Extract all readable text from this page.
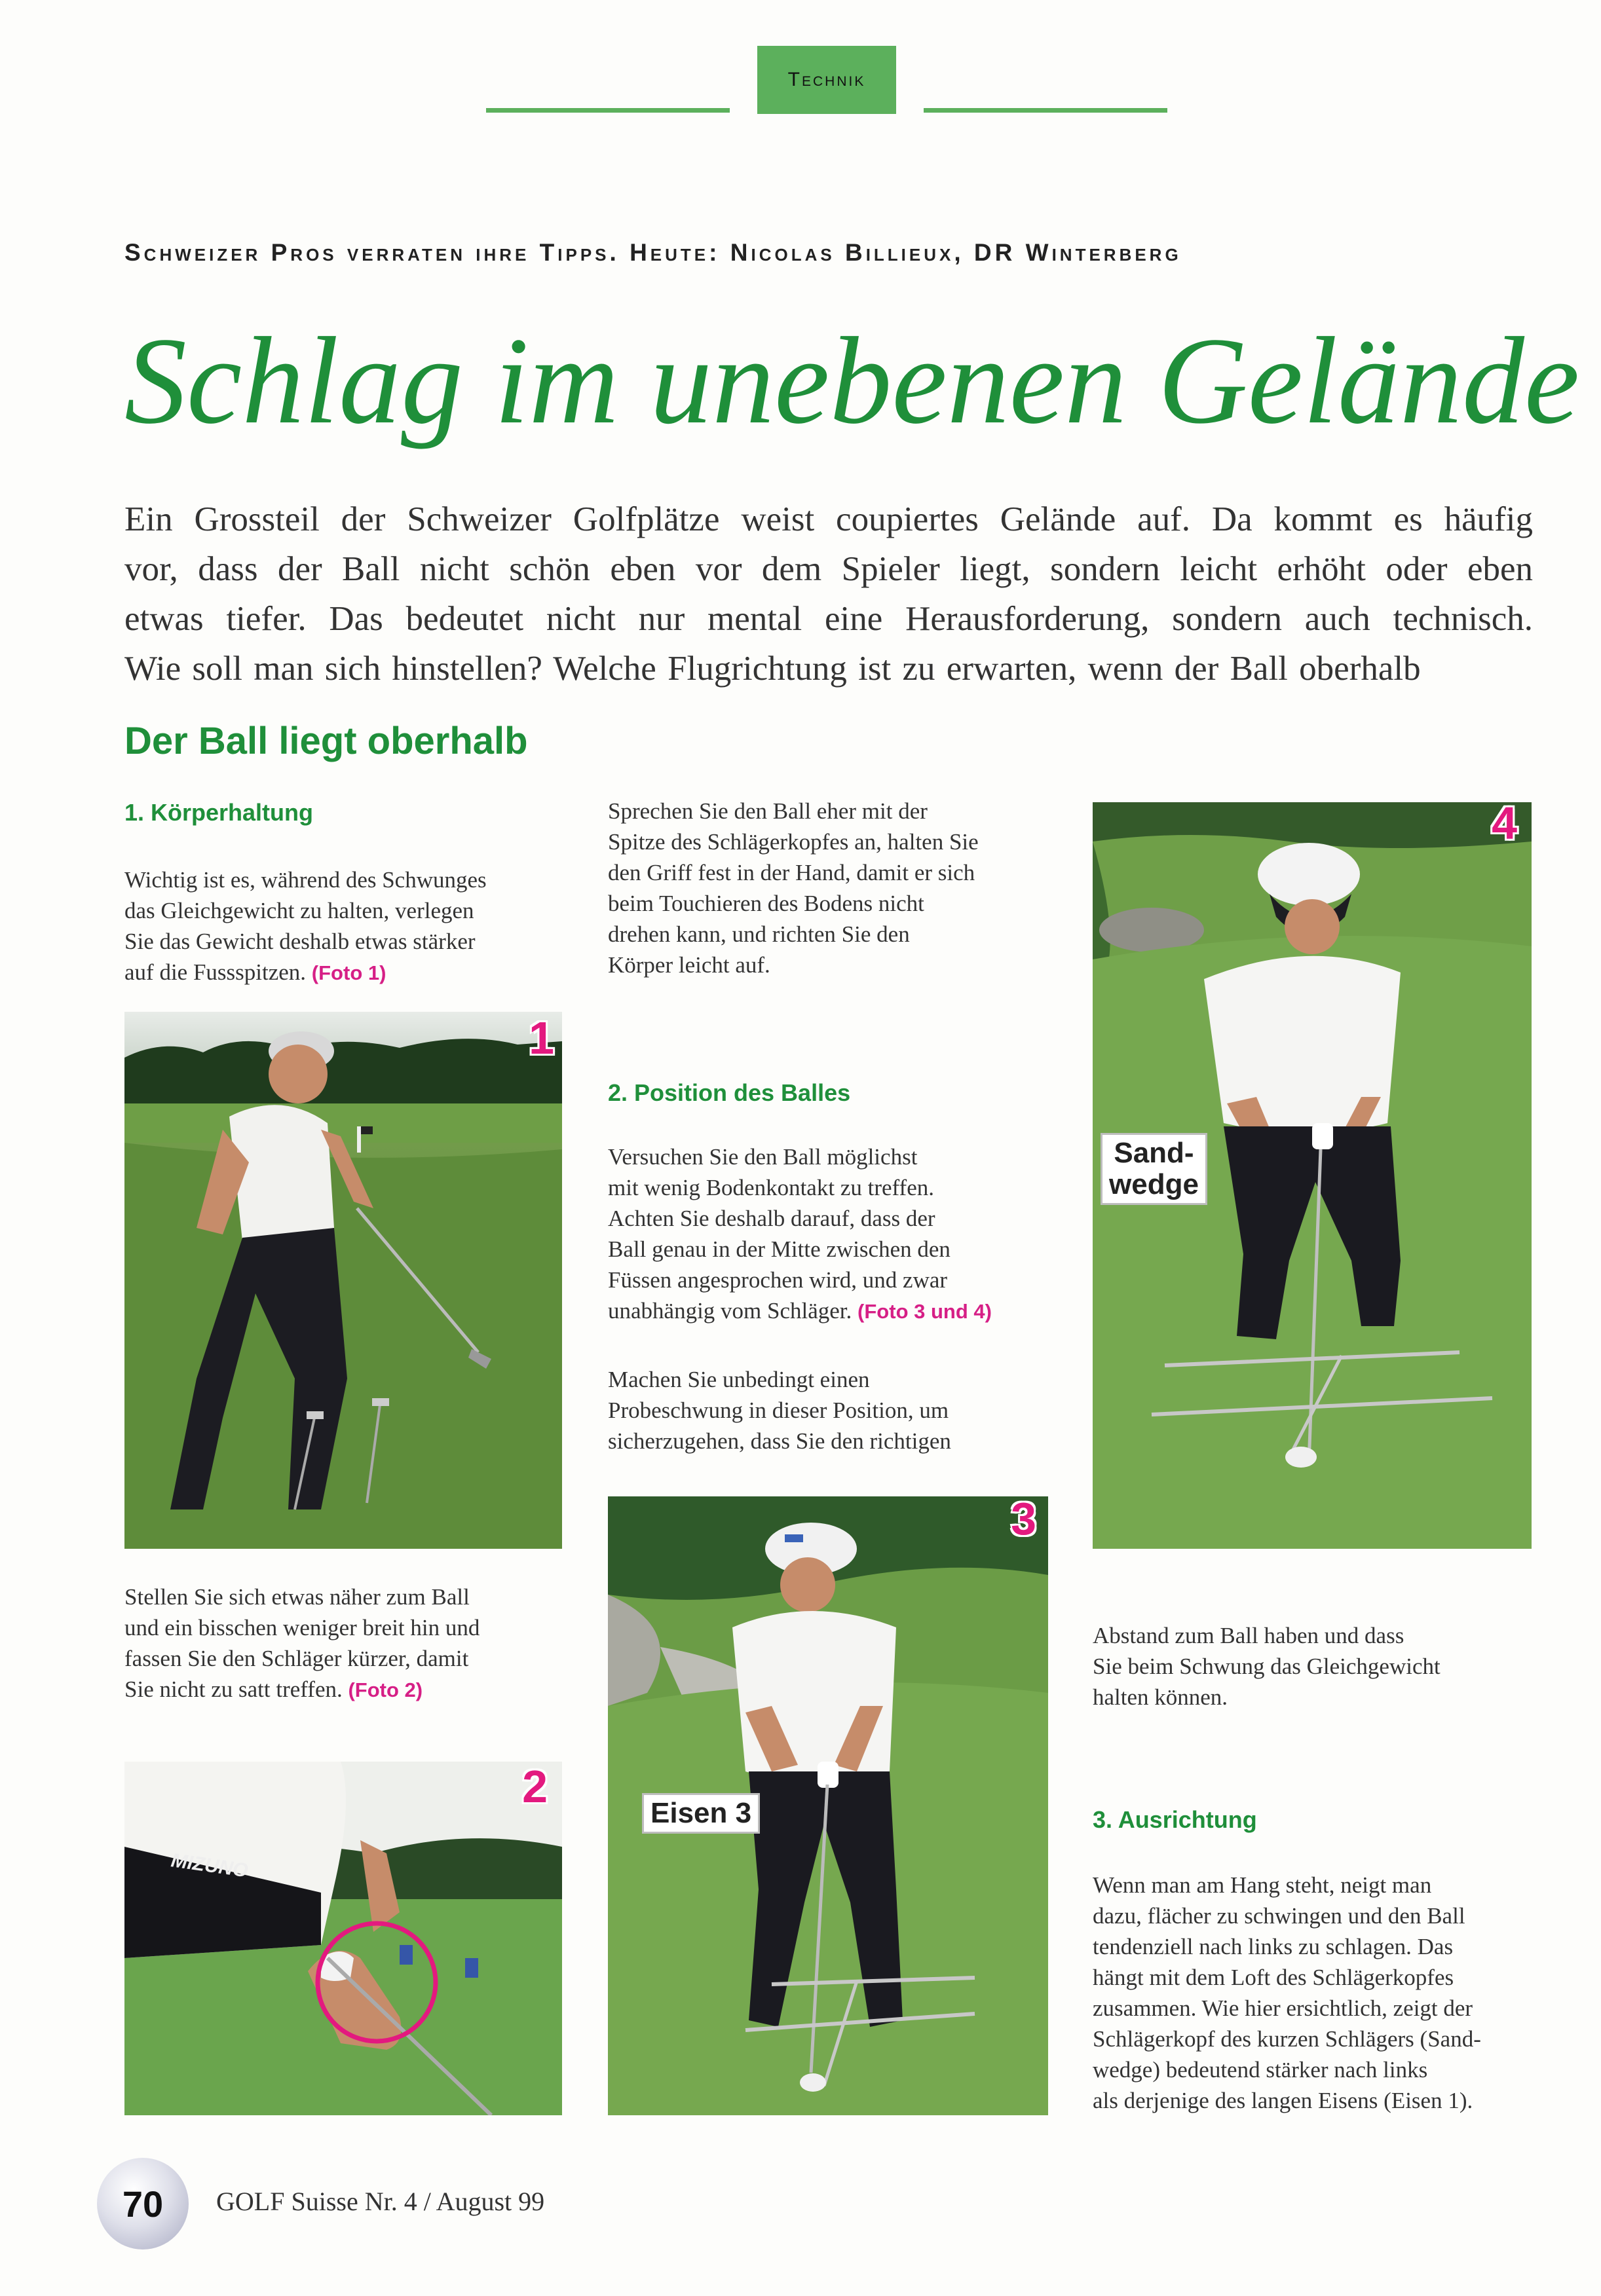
Technik
Schweizer Pros verraten ihre Tipps. Heute: Nicolas Billieux, DR Winterberg
Schlag im unebenen Gelände
Ein Grossteil der Schweizer Golfplätze weist coupiertes Gelände auf. Da kommt es häufig
vor, dass der Ball nicht schön eben vor dem Spieler liegt, sondern leicht erhöht oder eben
etwas tiefer. Das bedeutet nicht nur mental eine Herausforderung, sondern auch technisch.
Wie soll man sich hinstellen? Welche Flugrichtung ist zu erwarten, wenn der Ball oberhalb
Der Ball liegt oberhalb
1. Körperhaltung
Wichtig ist es, während des Schwunges
das Gleichgewicht zu halten, verlegen
Sie das Gewicht deshalb etwas stärker
auf die Fussspitzen. (Foto 1)
1
Stellen Sie sich etwas näher zum Ball
und ein bisschen weniger breit hin und
fassen Sie den Schläger kürzer, damit
Sie nicht zu satt treffen. (Foto 2)
MIZUNO
2
Sprechen Sie den Ball eher mit der
Spitze des Schlägerkopfes an, halten Sie
den Griff fest in der Hand, damit er sich
beim Touchieren des Bodens nicht
drehen kann, und richten Sie den
Körper leicht auf.
2. Position des Balles
Versuchen Sie den Ball möglichst
mit wenig Bodenkontakt zu treffen.
Achten Sie deshalb darauf, dass der
Ball genau in der Mitte zwischen den
Füssen angesprochen wird, und zwar
unabhängig vom Schläger. (Foto 3 und 4)
Machen Sie unbedingt einen
Probeschwung in dieser Position, um
sicherzugehen, dass Sie den richtigen
Eisen 3
3
Sand-
wedge
4
Abstand zum Ball haben und dass
Sie beim Schwung das Gleichgewicht
halten können.
3. Ausrichtung
Wenn man am Hang steht, neigt man
dazu, flächer zu schwingen und den Ball
tendenziell nach links zu schlagen. Das
hängt mit dem Loft des Schlägerkopfes
zusammen. Wie hier ersichtlich, zeigt der
Schlägerkopf des kurzen Schlägers (Sand-
wedge) bedeutend stärker nach links
als derjenige des langen Eisens (Eisen 1).
70 GOLF Suisse Nr. 4 / August 99
